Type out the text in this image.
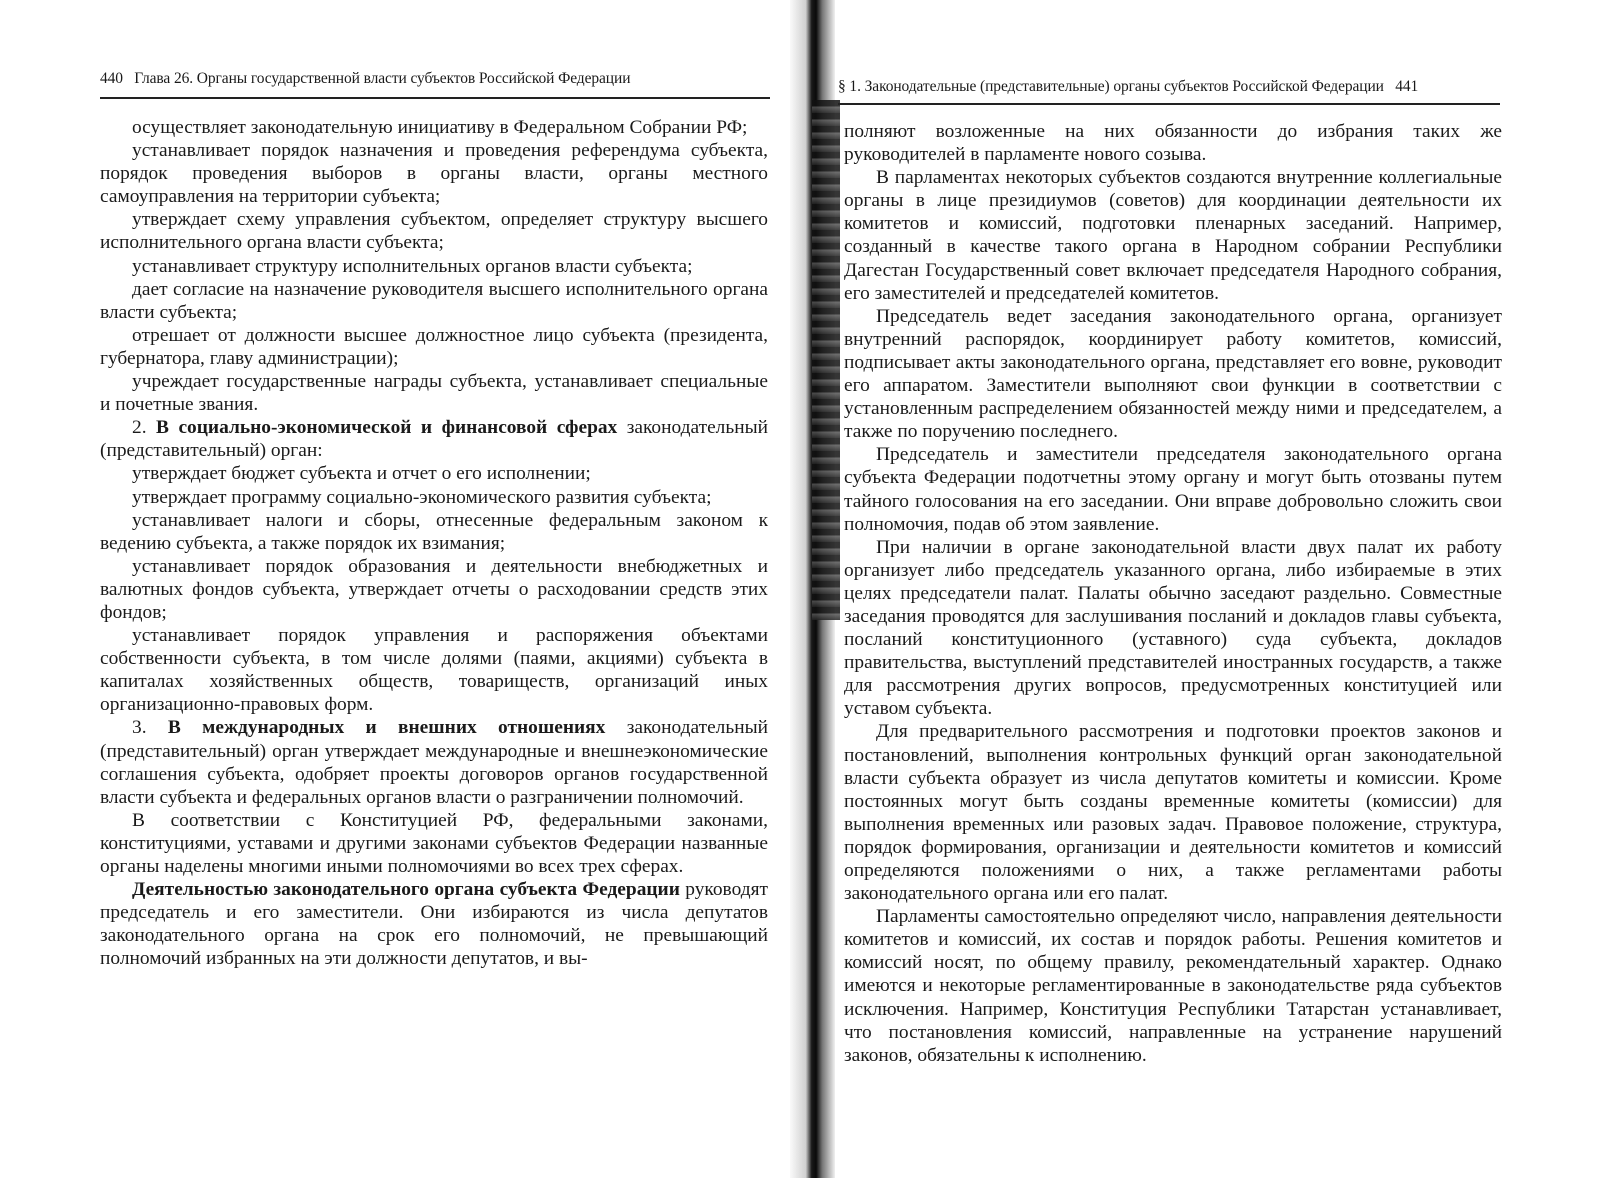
440 Глава 26. Органы государственной власти субъектов Российской Федерации

осуществляет законодательную инициативу в Федеральном Собрании РФ;

устанавливает порядок назначения и проведения референдума субъекта, порядок проведения выборов в органы власти, органы местного самоуправления на территории субъекта;

утверждает схему управления субъектом, определяет структуру высшего исполнительного органа власти субъекта;

устанавливает структуру исполнительных органов власти субъекта;

дает согласие на назначение руководителя высшего исполнительного органа власти субъекта;

отрешает от должности высшее должностное лицо субъекта (президента, губернатора, главу администрации);

учреждает государственные награды субъекта, устанавливает специальные и почетные звания.

2. В социально-экономической и финансовой сферах законодательный (представительный) орган:

утверждает бюджет субъекта и отчет о его исполнении;

утверждает программу социально-экономического развития субъекта;

устанавливает налоги и сборы, отнесенные федеральным законом к ведению субъекта, а также порядок их взимания;

устанавливает порядок образования и деятельности внебюджетных и валютных фондов субъекта, утверждает отчеты о расходовании средств этих фондов;

устанавливает порядок управления и распоряжения объектами собственности субъекта, в том числе долями (паями, акциями) субъекта в капиталах хозяйственных обществ, товариществ, организаций иных организационно-правовых форм.

3. В международных и внешних отношениях законодательный (представительный) орган утверждает международные и внешнеэкономические соглашения субъекта, одобряет проекты договоров органов государственной власти субъекта и федеральных органов власти о разграничении полномочий.

В соответствии с Конституцией РФ, федеральными законами, конституциями, уставами и другими законами субъектов Федерации названные органы наделены многими иными полномочиями во всех трех сферах.

Деятельностью законодательного органа субъекта Федерации руководят председатель и его заместители. Они избираются из числа депутатов законодательного органа на срок его полномочий, не превышающий полномочий избранных на эти должности депутатов, и вы-

§ 1. Законодательные (представительные) органы субъектов Российской Федерации 441

полняют возложенные на них обязанности до избрания таких же руководителей в парламенте нового созыва.

В парламентах некоторых субъектов создаются внутренние коллегиальные органы в лице президиумов (советов) для координации деятельности их комитетов и комиссий, подготовки пленарных заседаний. Например, созданный в качестве такого органа в Народном собрании Республики Дагестан Государственный совет включает председателя Народного собрания, его заместителей и председателей комитетов.

Председатель ведет заседания законодательного органа, организует внутренний распорядок, координирует работу комитетов, комиссий, подписывает акты законодательного органа, представляет его вовне, руководит его аппаратом. Заместители выполняют свои функции в соответствии с установленным распределением обязанностей между ними и председателем, а также по поручению последнего.

Председатель и заместители председателя законодательного органа субъекта Федерации подотчетны этому органу и могут быть отозваны путем тайного голосования на его заседании. Они вправе добровольно сложить свои полномочия, подав об этом заявление.

При наличии в органе законодательной власти двух палат их работу организует либо председатель указанного органа, либо избираемые в этих целях председатели палат. Палаты обычно заседают раздельно. Совместные заседания проводятся для заслушивания посланий и докладов главы субъекта, посланий конституционного (уставного) суда субъекта, докладов правительства, выступлений представителей иностранных государств, а также для рассмотрения других вопросов, предусмотренных конституцией или уставом субъекта.

Для предварительного рассмотрения и подготовки проектов законов и постановлений, выполнения контрольных функций орган законодательной власти субъекта образует из числа депутатов комитеты и комиссии. Кроме постоянных могут быть созданы временные комитеты (комиссии) для выполнения временных или разовых задач. Правовое положение, структура, порядок формирования, организации и деятельности комитетов и комиссий определяются положениями о них, а также регламентами работы законодательного органа или его палат.

Парламенты самостоятельно определяют число, направления деятельности комитетов и комиссий, их состав и порядок работы. Решения комитетов и комиссий носят, по общему правилу, рекомендательный характер. Однако имеются и некоторые регламентированные в законодательстве ряда субъектов исключения. Например, Конституция Республики Татарстан устанавливает, что постановления комиссий, направленные на устранение нарушений законов, обязательны к исполнению.
